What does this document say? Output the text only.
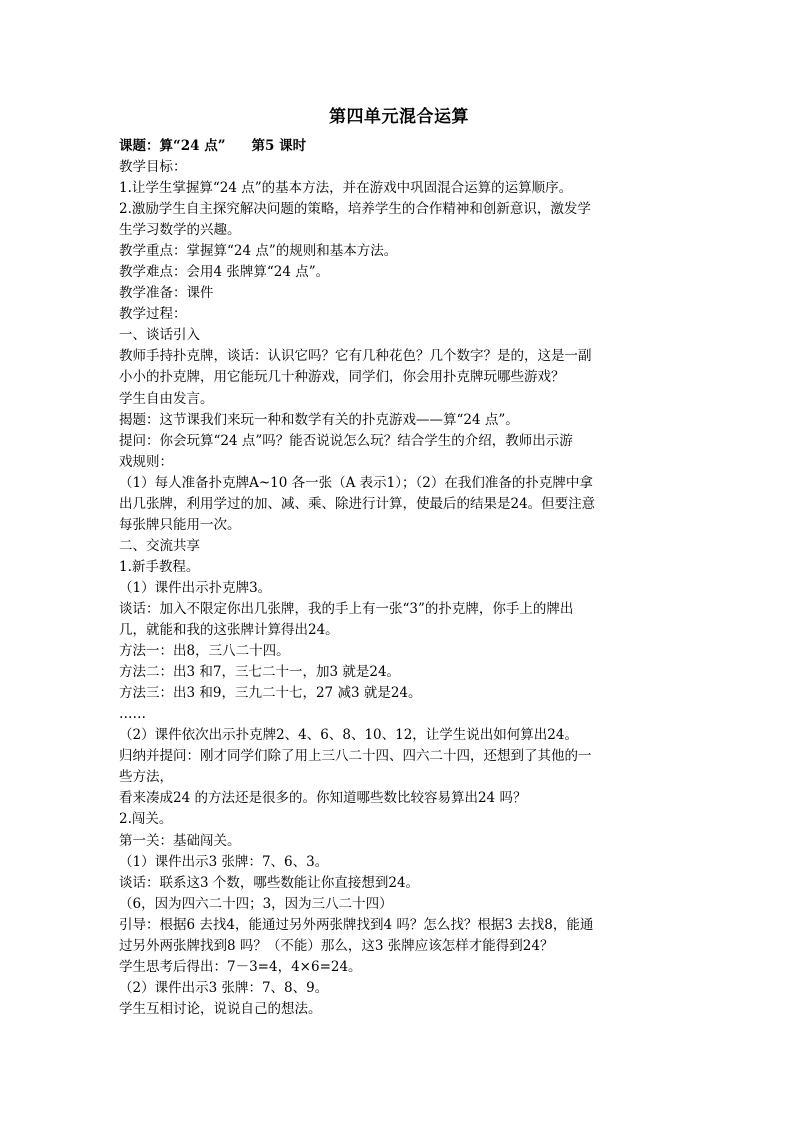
第四单元混合运算
课题：算“24 点” 第5 课时
教学目标：
1.让学生掌握算“24 点”的基本方法，并在游戏中巩固混合运算的运算顺序。
2.激励学生自主探究解决问题的策略，培养学生的合作精神和创新意识，激发学
生学习数学的兴趣。
教学重点：掌握算“24 点”的规则和基本方法。
教学难点：会用4 张牌算“24 点”。
教学准备：课件
教学过程：
一、谈话引入
教师手持扑克牌，谈话：认识它吗？它有几种花色？几个数字？是的，这是一副
小小的扑克牌，用它能玩几十种游戏，同学们，你会用扑克牌玩哪些游戏？
学生自由发言。
揭题：这节课我们来玩一种和数学有关的扑克游戏——算“24 点”。
提问：你会玩算“24 点”吗？能否说说怎么玩？结合学生的介绍，教师出示游
戏规则：
（1）每人准备扑克牌A~10 各一张（A 表示1）；（2）在我们准备的扑克牌中拿
出几张牌，利用学过的加、减、乘、除进行计算，使最后的结果是24。但要注意
每张牌只能用一次。
二、交流共享
1.新手教程。
（1）课件出示扑克牌3。
谈话：加入不限定你出几张牌，我的手上有一张“3”的扑克牌，你手上的牌出
几，就能和我的这张牌计算得出24。
方法一：出8，三八二十四。
方法二：出3 和7，三七二十一，加3 就是24。
方法三：出3 和9，三九二十七，27 减3 就是24。
……
（2）课件依次出示扑克牌2、4、6、8、10、12，让学生说出如何算出24。
归纳并提问：刚才同学们除了用上三八二十四、四六二十四，还想到了其他的一
些方法，
看来凑成24 的方法还是很多的。你知道哪些数比较容易算出24 吗？
2.闯关。
第一关：基础闯关。
（1）课件出示3 张牌：7、6、3。
谈话：联系这3 个数，哪些数能让你直接想到24。
（6，因为四六二十四；3，因为三八二十四）
引导：根据6 去找4，能通过另外两张牌找到4 吗？怎么找？根据3 去找8，能通
过另外两张牌找到8 吗？（不能）那么，这3 张牌应该怎样才能得到24？
学生思考后得出：7－3=4，4×6=24。
（2）课件出示3 张牌：7、8、9。
学生互相讨论，说说自己的想法。
